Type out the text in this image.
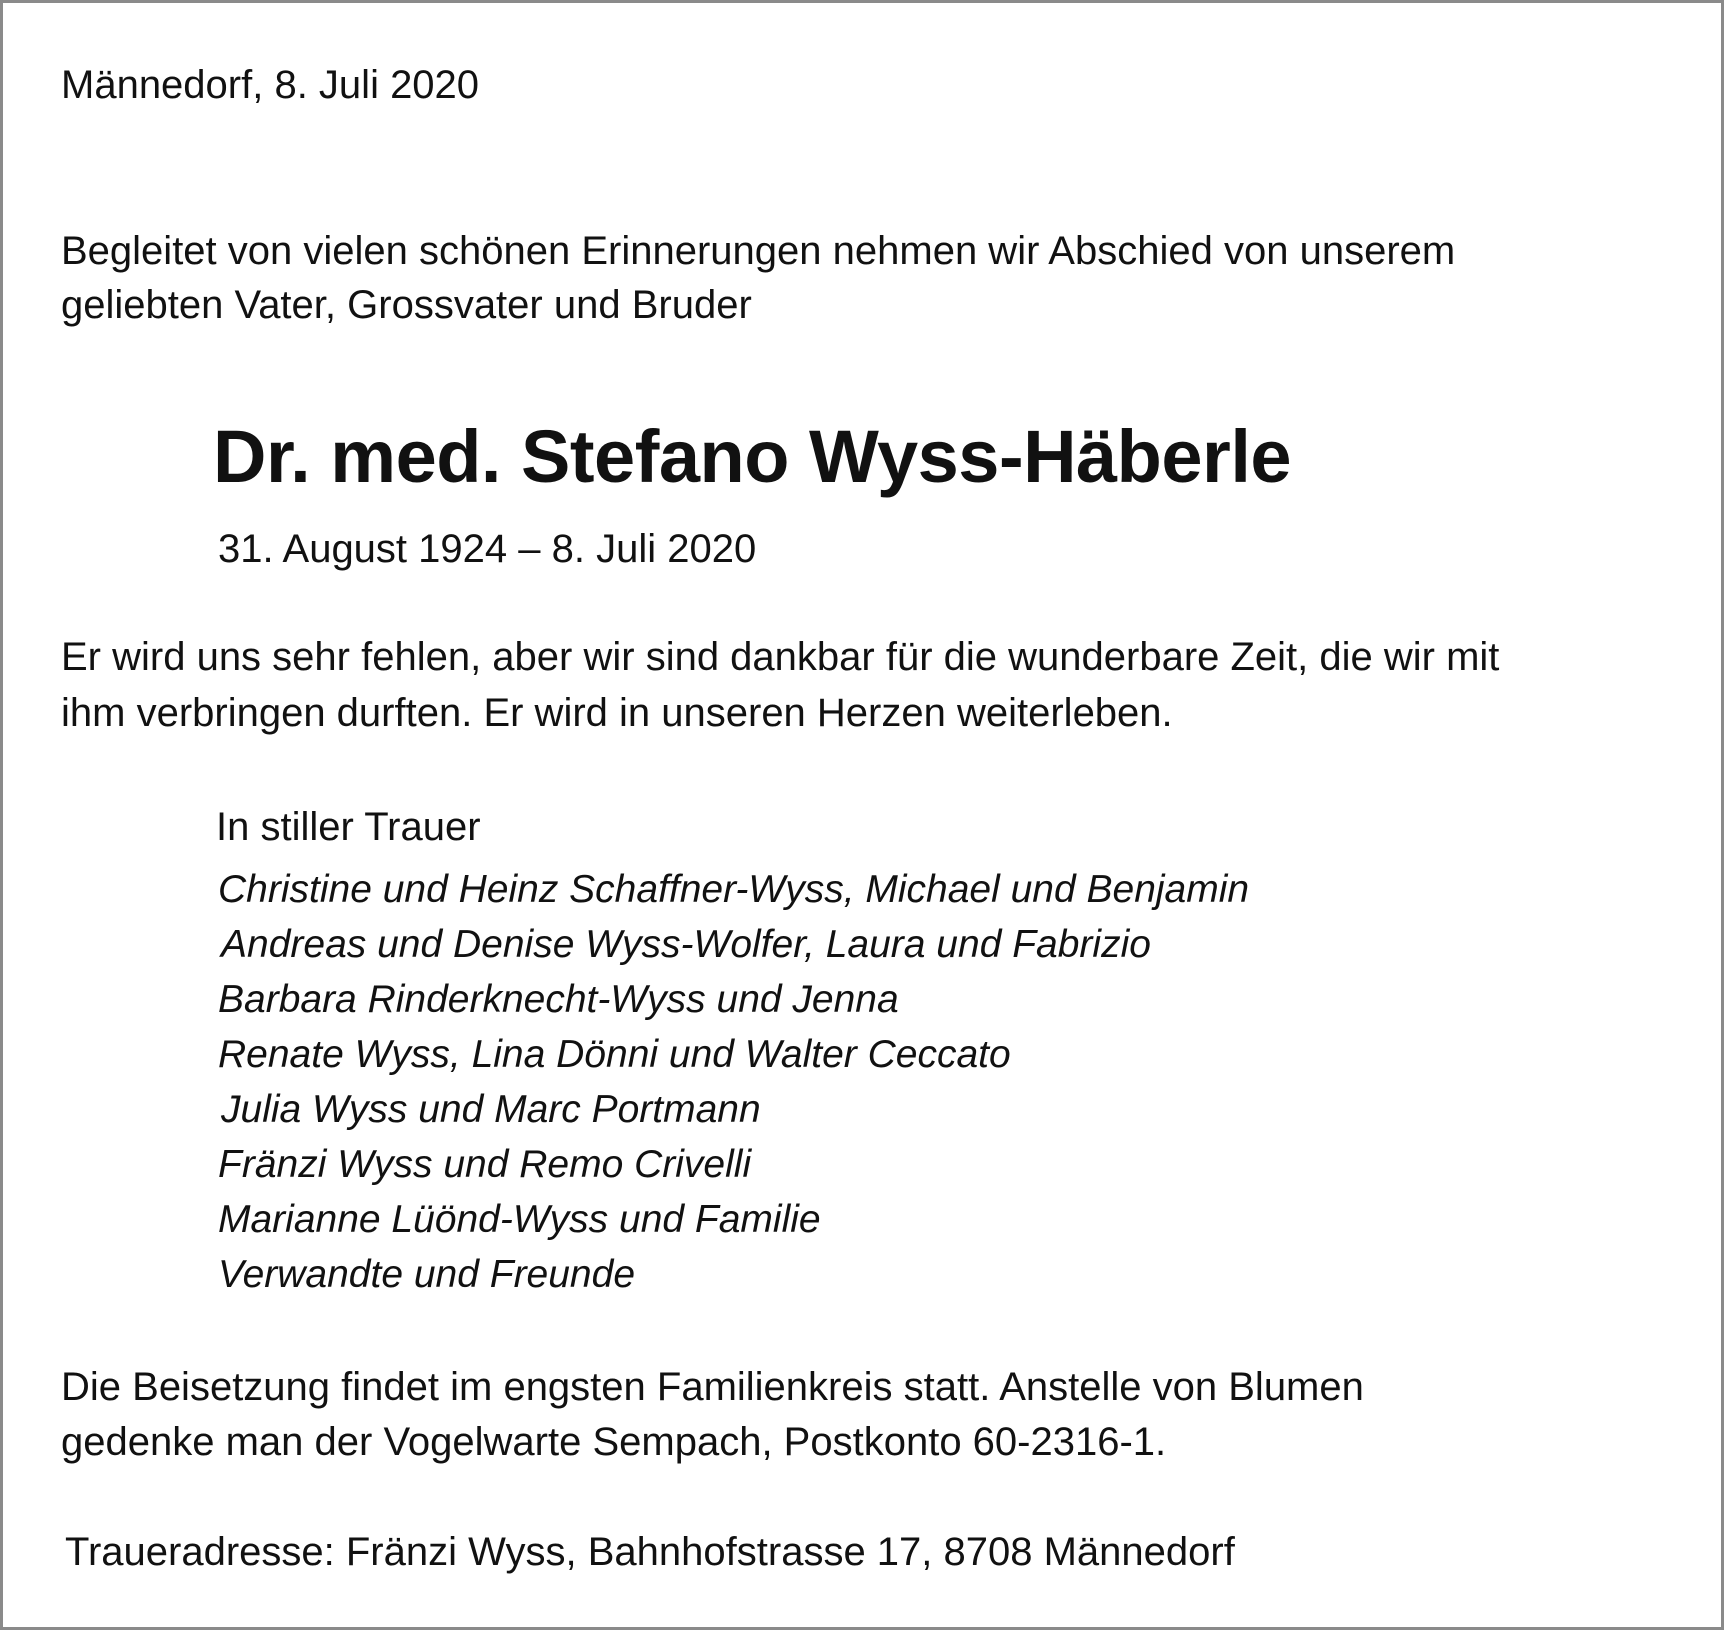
Männedorf, 8. Juli 2020

Begleitet von vielen schönen Erinnerungen nehmen wir Abschied von unserem

geliebten Vater, Grossvater und Bruder

Dr. med. Stefano Wyss-Häberle

31. August 1924 – 8. Juli 2020

Er wird uns sehr fehlen, aber wir sind dankbar für die wunderbare Zeit, die wir mit

ihm verbringen durften. Er wird in unseren Herzen weiterleben.

In stiller Trauer

Christine und Heinz Schaffner-Wyss, Michael und Benjamin

Andreas und Denise Wyss-Wolfer, Laura und Fabrizio

Barbara Rinderknecht-Wyss und Jenna

Renate Wyss, Lina Dönni und Walter Ceccato

Julia Wyss und Marc Portmann

Fränzi Wyss und Remo Crivelli

Marianne Lüönd-Wyss und Familie

Verwandte und Freunde

Die Beisetzung findet im engsten Familienkreis statt. Anstelle von Blumen

gedenke man der Vogelwarte Sempach, Postkonto 60-2316-1.

Traueradresse: Fränzi Wyss, Bahnhofstrasse 17, 8708 Männedorf
